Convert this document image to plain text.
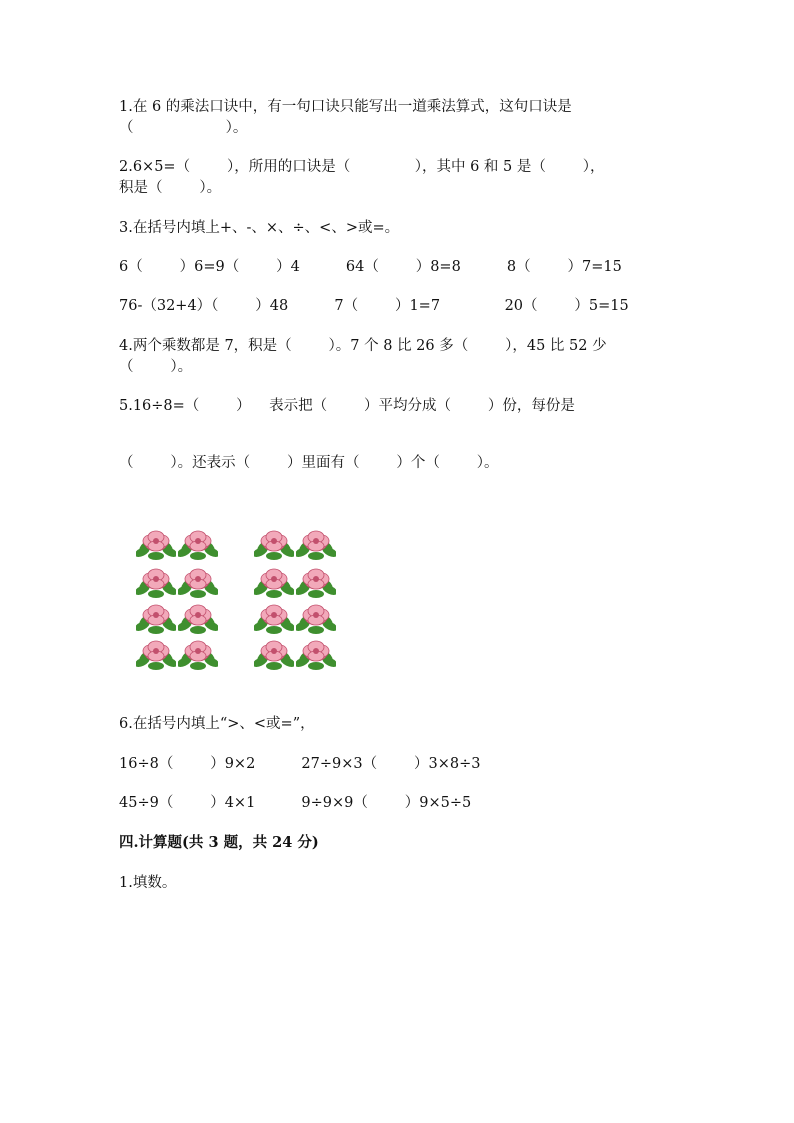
1.在 6 的乘法口诀中，有一句口诀只能写出一道乘法算式，这句口诀是
（                    ）。
2.6×5=（        ），所用的口诀是（              ），其中 6 和 5 是（        ），
积是（        ）。
3.在括号内填上+、-、×、÷、<、>或=。
6（        ）6=9（        ）4          64（        ）8=8          8（        ）7=15
76-（32+4）（        ）48          7（        ）1=7              20（        ）5=15
4.两个乘数都是 7，积是（        ）。7 个 8 比 26 多（        ），45 比 52 少
（        ）。
5.16÷8=（        ）    表示把（        ）平均分成（        ）份，每份是
（        ）。还表示（        ）里面有（        ）个（        ）。
6.在括号内填上“>、<或=”，
16÷8（        ）9×2          27÷9×3（        ）3×8÷3
45÷9（        ）4×1          9÷9×9（        ）9×5÷5
四.计算题(共 3 题，共 24 分)
1.填数。
